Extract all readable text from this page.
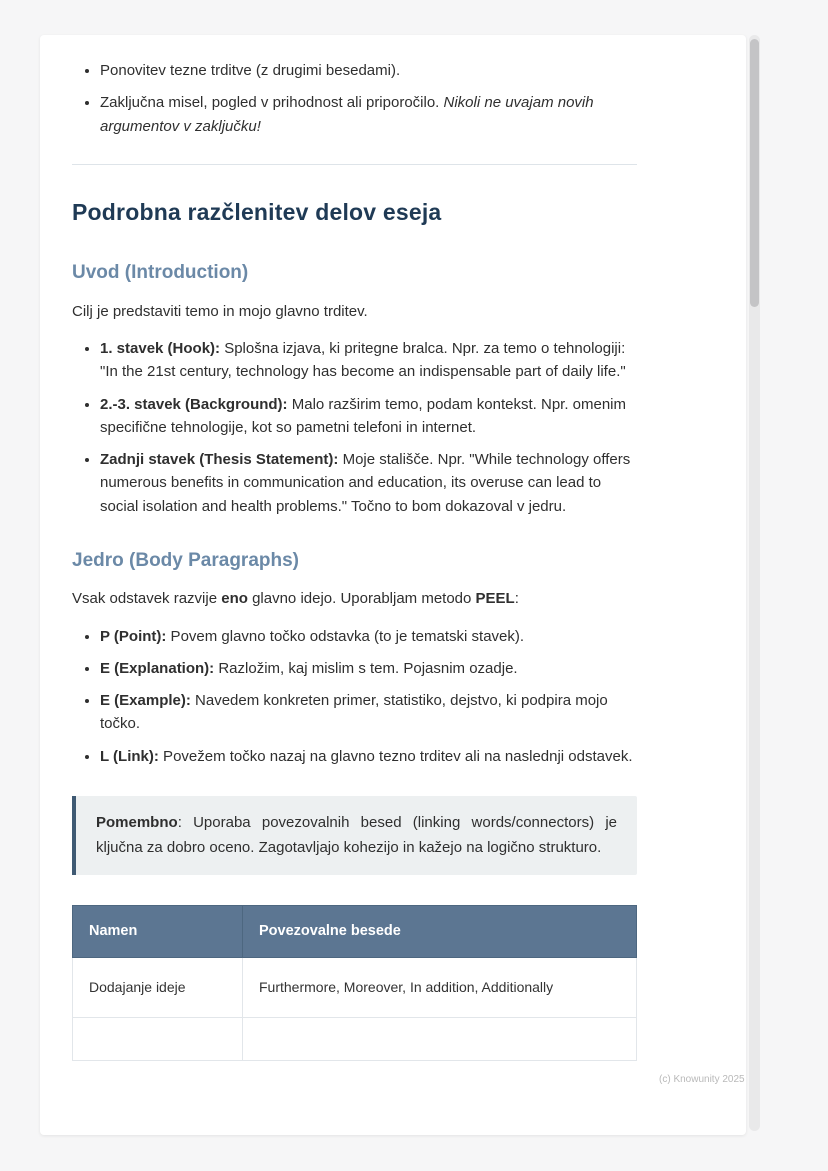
• Ponovitev tezne trditve (z drugimi besedami).
• Zaključna misel, pogled v prihodnost ali priporočilo. Nikoli ne uvajam novih argumentov v zaključku!
Podrobna razčlenitev delov eseja
Uvod (Introduction)

Cilj je predstaviti temo in mojo glavno trditev.

• 1. stavek (Hook): Splošna izjava, ki pritegne bralca. Npr. za temo o tehnologiji: "In the 21st century, technology has become an indispensable part of daily life."
• 2.-3. stavek (Background): Malo razširim temo, podam kontekst. Npr. omenim specifične tehnologije, kot so pametni telefoni in internet.
• Zadnji stavek (Thesis Statement): Moje stališče. Npr. "While technology offers numerous benefits in communication and education, its overuse can lead to social isolation and health problems." Točno to bom dokazoval v jedru.
Jedro (Body Paragraphs)

Vsak odstavek razvije eno glavno idejo. Uporabljam metodo PEEL:

• P (Point): Povem glavno točko odstavka (to je tematski stavek).
• E (Explanation): Razložim, kaj mislim s tem. Pojasnim ozadje.
• E (Example): Navedem konkreten primer, statistiko, dejstvo, ki podpira mojo točko.
• L (Link): Povežem točko nazaj na glavno tezno trditev ali na naslednji odstavek.
Pomembno: Uporaba povezovalnih besed (linking words/connectors) je ključna za dobro oceno. Zagotavljajo kohezijo in kažejo na logično strukturo.
Namen	Povezovalne besede
Dodajanje ideje	Furthermore, Moreover, In addition, Additionally

(c) Knowunity 2025
